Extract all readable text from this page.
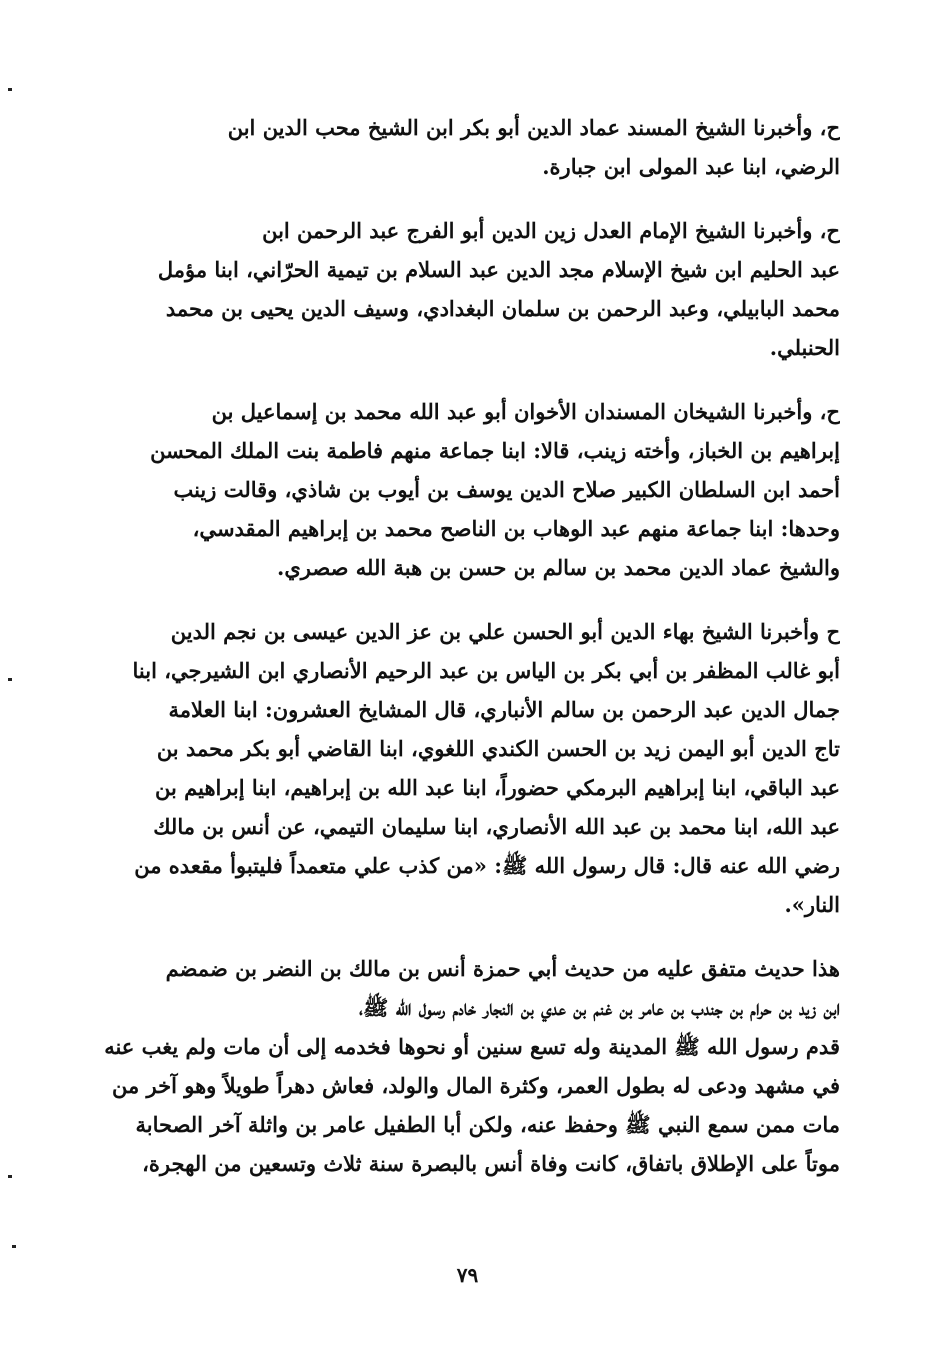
ح، وأخبرنا الشيخ المسند عماد الدين أبو بكر ابن الشيخ محب الدين ابن
الرضي، ابنا عبد المولى ابن جبارة.
ح، وأخبرنا الشيخ الإمام العدل زين الدين أبو الفرج عبد الرحمن ابن
عبد الحليم ابن شيخ الإسلام مجد الدين عبد السلام بن تيمية الحرّاني، ابنا مؤمل
محمد البابيلي، وعبد الرحمن بن سلمان البغدادي، وسيف الدين يحيى بن محمد
الحنبلي.
ح، وأخبرنا الشيخان المسندان الأخوان أبو عبد الله محمد بن إسماعيل بن
إبراهيم بن الخباز، وأخته زينب، قالا: ابنا جماعة منهم فاطمة بنت الملك المحسن
أحمد ابن السلطان الكبير صلاح الدين يوسف بن أيوب بن شاذي، وقالت زينب
وحدها: ابنا جماعة منهم عبد الوهاب بن الناصح محمد بن إبراهيم المقدسي،
والشيخ عماد الدين محمد بن سالم بن حسن بن هبة الله صصري.
ح وأخبرنا الشيخ بهاء الدين أبو الحسن علي بن عز الدين عيسى بن نجم الدين
أبو غالب المظفر بن أبي بكر بن الياس بن عبد الرحيم الأنصاري ابن الشيرجي، ابنا
جمال الدين عبد الرحمن بن سالم الأنباري، قال المشايخ العشرون: ابنا العلامة
تاج الدين أبو اليمن زيد بن الحسن الكندي اللغوي، ابنا القاضي أبو بكر محمد بن
عبد الباقي، ابنا إبراهيم البرمكي حضوراً، ابنا عبد الله بن إبراهيم، ابنا إبراهيم بن
عبد الله، ابنا محمد بن عبد الله الأنصاري، ابنا سليمان التيمي، عن أنس بن مالك
رضي الله عنه قال: قال رسول الله ﷺ: «من كذب علي متعمداً فليتبوأ مقعده من
النار».
هذا حديث متفق عليه من حديث أبي حمزة أنس بن مالك بن النضر بن ضمضم
ابن زيد بن حرام بن جندب بن عامر بن غنم بن عدي بن النجار خادم رسول الله ﷺ،
قدم رسول الله ﷺ المدينة وله تسع سنين أو نحوها فخدمه إلى أن مات ولم يغب عنه
في مشهد ودعى له بطول العمر، وكثرة المال والولد، فعاش دهراً طويلاً وهو آخر من
مات ممن سمع النبي ﷺ وحفظ عنه، ولكن أبا الطفيل عامر بن واثلة آخر الصحابة
موتاً على الإطلاق باتفاق، كانت وفاة أنس بالبصرة سنة ثلاث وتسعين من الهجرة،
٧٩
